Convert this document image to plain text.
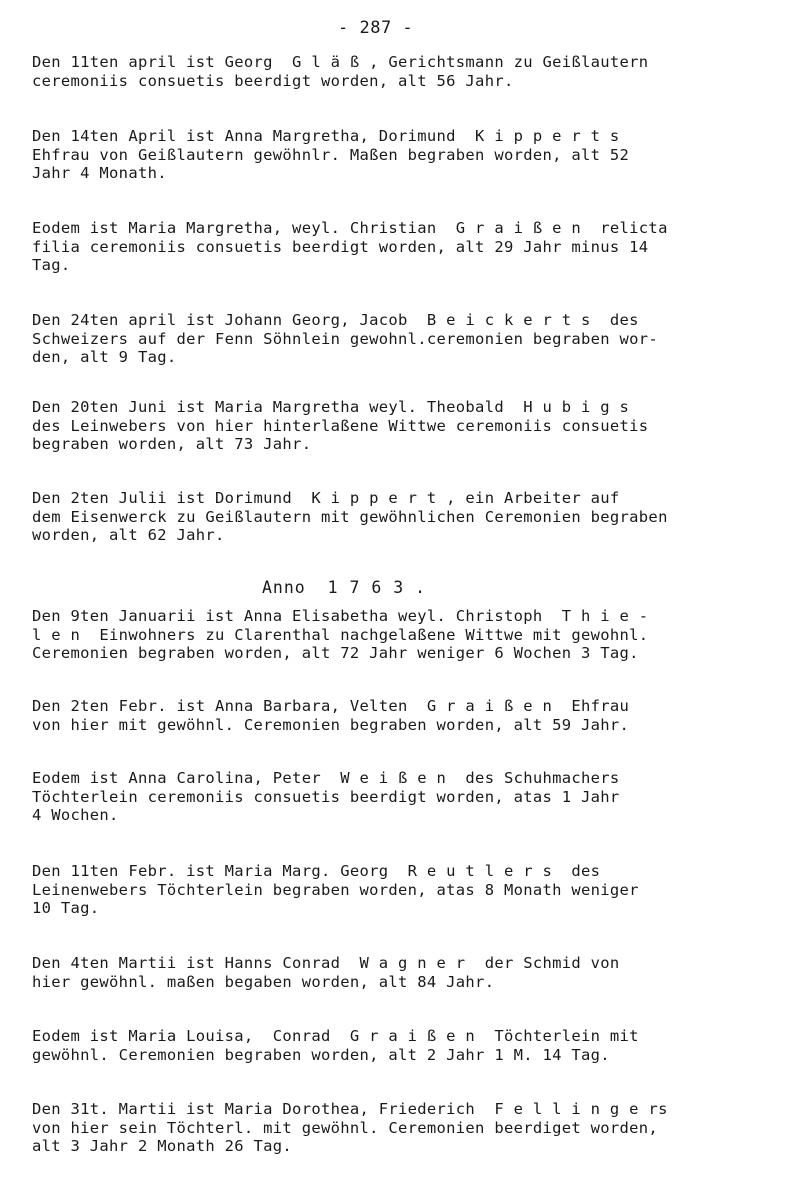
- 287 -

Den 11ten april ist Georg  G l ä ß , Gerichtsmann zu Geißlautern
ceremoniis consuetis beerdigt worden, alt 56 Jahr.

Den 14ten April ist Anna Margretha, Dorimund  K i p p e r t s
Ehfrau von Geißlautern gewöhnlr. Maßen begraben worden, alt 52
Jahr 4 Monath.

Eodem ist Maria Margretha, weyl. Christian  G r a i ß e n  relicta
filia ceremoniis consuetis beerdigt worden, alt 29 Jahr minus 14
Tag.

Den 24ten april ist Johann Georg, Jacob  B e i c k e r t s  des
Schweizers auf der Fenn Söhnlein gewohnl.ceremonien begraben wor-
den, alt 9 Tag.

Den 20ten Juni ist Maria Margretha weyl. Theobald  H u b i g s
des Leinwebers von hier hinterlaßene Wittwe ceremoniis consuetis
begraben worden, alt 73 Jahr.

Den 2ten Julii ist Dorimund  K i p p e r t , ein Arbeiter auf
dem Eisenwerck zu Geißlautern mit gewöhnlichen Ceremonien begraben
worden, alt 62 Jahr.

Anno  1 7 6 3 .

Den 9ten Januarii ist Anna Elisabetha weyl. Christoph  T h i e -
l e n  Einwohners zu Clarenthal nachgelaßene Wittwe mit gewohnl.
Ceremonien begraben worden, alt 72 Jahr weniger 6 Wochen 3 Tag.

Den 2ten Febr. ist Anna Barbara, Velten  G r a i ß e n  Ehfrau
von hier mit gewöhnl. Ceremonien begraben worden, alt 59 Jahr.

Eodem ist Anna Carolina, Peter  W e i ß e n  des Schuhmachers
Töchterlein ceremoniis consuetis beerdigt worden, atas 1 Jahr
4 Wochen.

Den 11ten Febr. ist Maria Marg. Georg  R e u t l e r s  des
Leinenwebers Töchterlein begraben worden, atas 8 Monath weniger
10 Tag.

Den 4ten Martii ist Hanns Conrad  W a g n e r  der Schmid von
hier gewöhnl. maßen begaben worden, alt 84 Jahr.

Eodem ist Maria Louisa,  Conrad  G r a i ß e n  Töchterlein mit
gewöhnl. Ceremonien begraben worden, alt 2 Jahr 1 M. 14 Tag.

Den 31t. Martii ist Maria Dorothea, Friederich  F e l l i n g e rs
von hier sein Töchterl. mit gewöhnl. Ceremonien beerdiget worden,
alt 3 Jahr 2 Monath 26 Tag.
